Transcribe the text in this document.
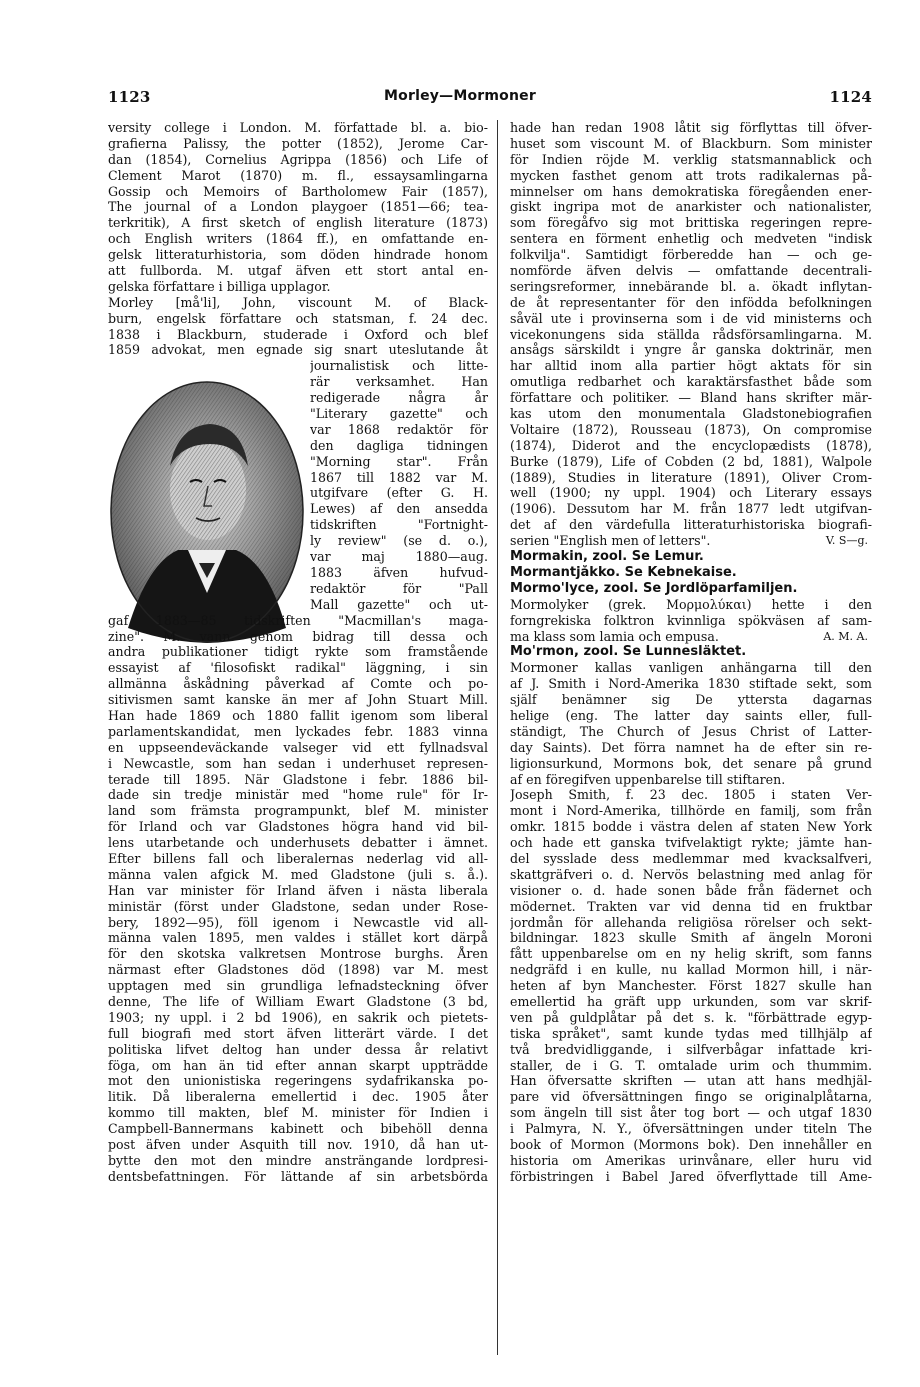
1123	Morley—Mormoner	1124
versity college i London. M. författade bl. a. bio-
grafierna Palissy, the potter (1852), Jerome Car-
dan (1854), Cornelius Agrippa (1856) och Life of
Clement Marot (1870) m. fl., essaysamlingarna
Gossip och Memoirs of Bartholomew Fair (1857),
The journal of a London playgoer (1851—66; tea-
terkritik), A first sketch of english literature (1873)
och English writers (1864 ff.), en omfattande en-
gelsk litteraturhistoria, som döden hindrade honom
att fullborda. M. utgaf äfven ett stort antal en-
gelska författare i billiga upplagor.
Morley [må'li], John, viscount M. of Black-
burn, engelsk författare och statsman, f. 24 dec.
1838 i Blackburn, studerade i Oxford och blef
1859 advokat, men egnade sig snart uteslutande åt
journalistisk och litte-
rär verksamhet. Han
redigerade några år
"Literary gazette" och
var 1868 redaktör för
den dagliga tidningen
"Morning star". Från
1867 till 1882 var M.
utgifvare (efter G. H.
Lewes) af den ansedda
tidskriften "Fortnight-
ly review" (se d. o.),
var maj 1880—aug.
1883 äfven hufvud-
redaktör för "Pall
Mall gazette" och ut-
gaf 1883—85 tidskriften "Macmillan's maga-
zine". M. vann genom bidrag till dessa och
andra publikationer tidigt rykte som framstående
essayist af 'filosofiskt radikal" läggning, i sin
allmänna åskådning påverkad af Comte och po-
sitivismen samt kanske än mer af John Stuart Mill.
Han hade 1869 och 1880 fallit igenom som liberal
parlamentskandidat, men lyckades febr. 1883 vinna
en uppseendeväckande valseger vid ett fyllnadsval
i Newcastle, som han sedan i underhuset represen-
terade till 1895. När Gladstone i febr. 1886 bil-
dade sin tredje ministär med "home rule" för Ir-
land som främsta programpunkt, blef M. minister
för Irland och var Gladstones högra hand vid bil-
lens utarbetande och underhusets debatter i ämnet.
Efter billens fall och liberalernas nederlag vid all-
männa valen afgick M. med Gladstone (juli s. å.).
Han var minister för Irland äfven i nästa liberala
ministär (först under Gladstone, sedan under Rose-
bery, 1892—95), föll igenom i Newcastle vid all-
männa valen 1895, men valdes i stället kort därpå
för den skotska valkretsen Montrose burghs. Åren
närmast efter Gladstones död (1898) var M. mest
upptagen med sin grundliga lefnadsteckning öfver
denne, The life of William Ewart Gladstone (3 bd,
1903; ny uppl. i 2 bd 1906), en sakrik och pietets-
full biografi med stort äfven litterärt värde. I det
politiska lifvet deltog han under dessa år relativt
föga, om han än tid efter annan skarpt uppträdde
mot den unionistiska regeringens sydafrikanska po-
litik. Då liberalerna emellertid i dec. 1905 åter
kommo till makten, blef M. minister för Indien i
Campbell-Bannermans kabinett och bibehöll denna
post äfven under Asquith till nov. 1910, då han ut-
bytte den mot den mindre ansträngande lordpresi-
dentsbefattningen. För lättande af sin arbetsbörda
hade han redan 1908 låtit sig förflyttas till öfver-
huset som viscount M. of Blackburn. Som minister
för Indien röjde M. verklig statsmannablick och
mycken fasthet genom att trots radikalernas på-
minnelser om hans demokratiska föregåenden ener-
giskt ingripa mot de anarkister och nationalister,
som föregåfvo sig mot brittiska regeringen repre-
sentera en förment enhetlig och medveten "indisk
folkvilja". Samtidigt förberedde han — och ge-
nomförde äfven delvis — omfattande decentrali-
seringsreformer, innebärande bl. a. ökadt inflytan-
de åt representanter för den infödda befolkningen
såväl ute i provinserna som i de vid ministerns och
vicekonungens sida ställda rådsförsamlingarna. M.
ansågs särskildt i yngre år ganska doktrinär, men
har alltid inom alla partier högt aktats för sin
omutliga redbarhet och karaktärsfasthet både som
författare och politiker. — Bland hans skrifter mär-
kas utom den monumentala Gladstonebiografien
Voltaire (1872), Rousseau (1873), On compromise
(1874), Diderot and the encyclopædists (1878),
Burke (1879), Life of Cobden (2 bd, 1881), Walpole
(1889), Studies in literature (1891), Oliver Crom-
well (1900; ny uppl. 1904) och Literary essays
(1906). Dessutom har M. från 1877 ledt utgifvan-
det af den värdefulla litteraturhistoriska biografi-
serien "English men of letters".	V. S—g.
Mormakin, zool. Se Lemur.
Mormantjåkko. Se Kebnekaise.
Mormo'lyce, zool. Se Jordlöparfamiljen.
Mormolyker (grek. Μορμολύκαι) hette i den
forngrekiska folktron kvinnliga spökväsen af sam-
ma klass som lamia och empusa.	A. M. A.
Mo'rmon, zool. Se Lunnesläktet.
Mormoner kallas vanligen anhängarna till den
af J. Smith i Nord-Amerika 1830 stiftade sekt, som
själf benämner sig De yttersta dagarnas
helige (eng. The latter day saints eller, full-
ständigt, The Church of Jesus Christ of Latter-
day Saints). Det förra namnet ha de efter sin re-
ligionsurkund, Mormons bok, det senare på grund
af en föregifven uppenbarelse till stiftaren.
Joseph Smith, f. 23 dec. 1805 i staten Ver-
mont i Nord-Amerika, tillhörde en familj, som från
omkr. 1815 bodde i västra delen af staten New York
och hade ett ganska tvifvelaktigt rykte; jämte han-
del sysslade dess medlemmar med kvacksalfveri,
skattgräfveri o. d. Nervös belastning med anlag för
visioner o. d. hade sonen både från fädernet och
mödernet. Trakten var vid denna tid en fruktbar
jordmån för allehanda religiösa rörelser och sekt-
bildningar. 1823 skulle Smith af ängeln Moroni
fått uppenbarelse om en ny helig skrift, som fanns
nedgräfd i en kulle, nu kallad Mormon hill, i när-
heten af byn Manchester. Först 1827 skulle han
emellertid ha gräft upp urkunden, som var skrif-
ven på guldplåtar på det s. k. "förbättrade egyp-
tiska språket", samt kunde tydas med tillhjälp af
två bredvidliggande, i silfverbågar infattade kri-
staller, de i G. T. omtalade urim och thummim.
Han öfversatte skriften — utan att hans medhjäl-
pare vid öfversättningen fingo se originalplåtarna,
som ängeln till sist åter tog bort — och utgaf 1830
i Palmyra, N. Y., öfversättningen under titeln The
book of Mormon (Mormons bok). Den innehåller en
historia om Amerikas urinvånare, eller huru vid
förbistringen i Babel Jared öfverflyttade till Ame-
